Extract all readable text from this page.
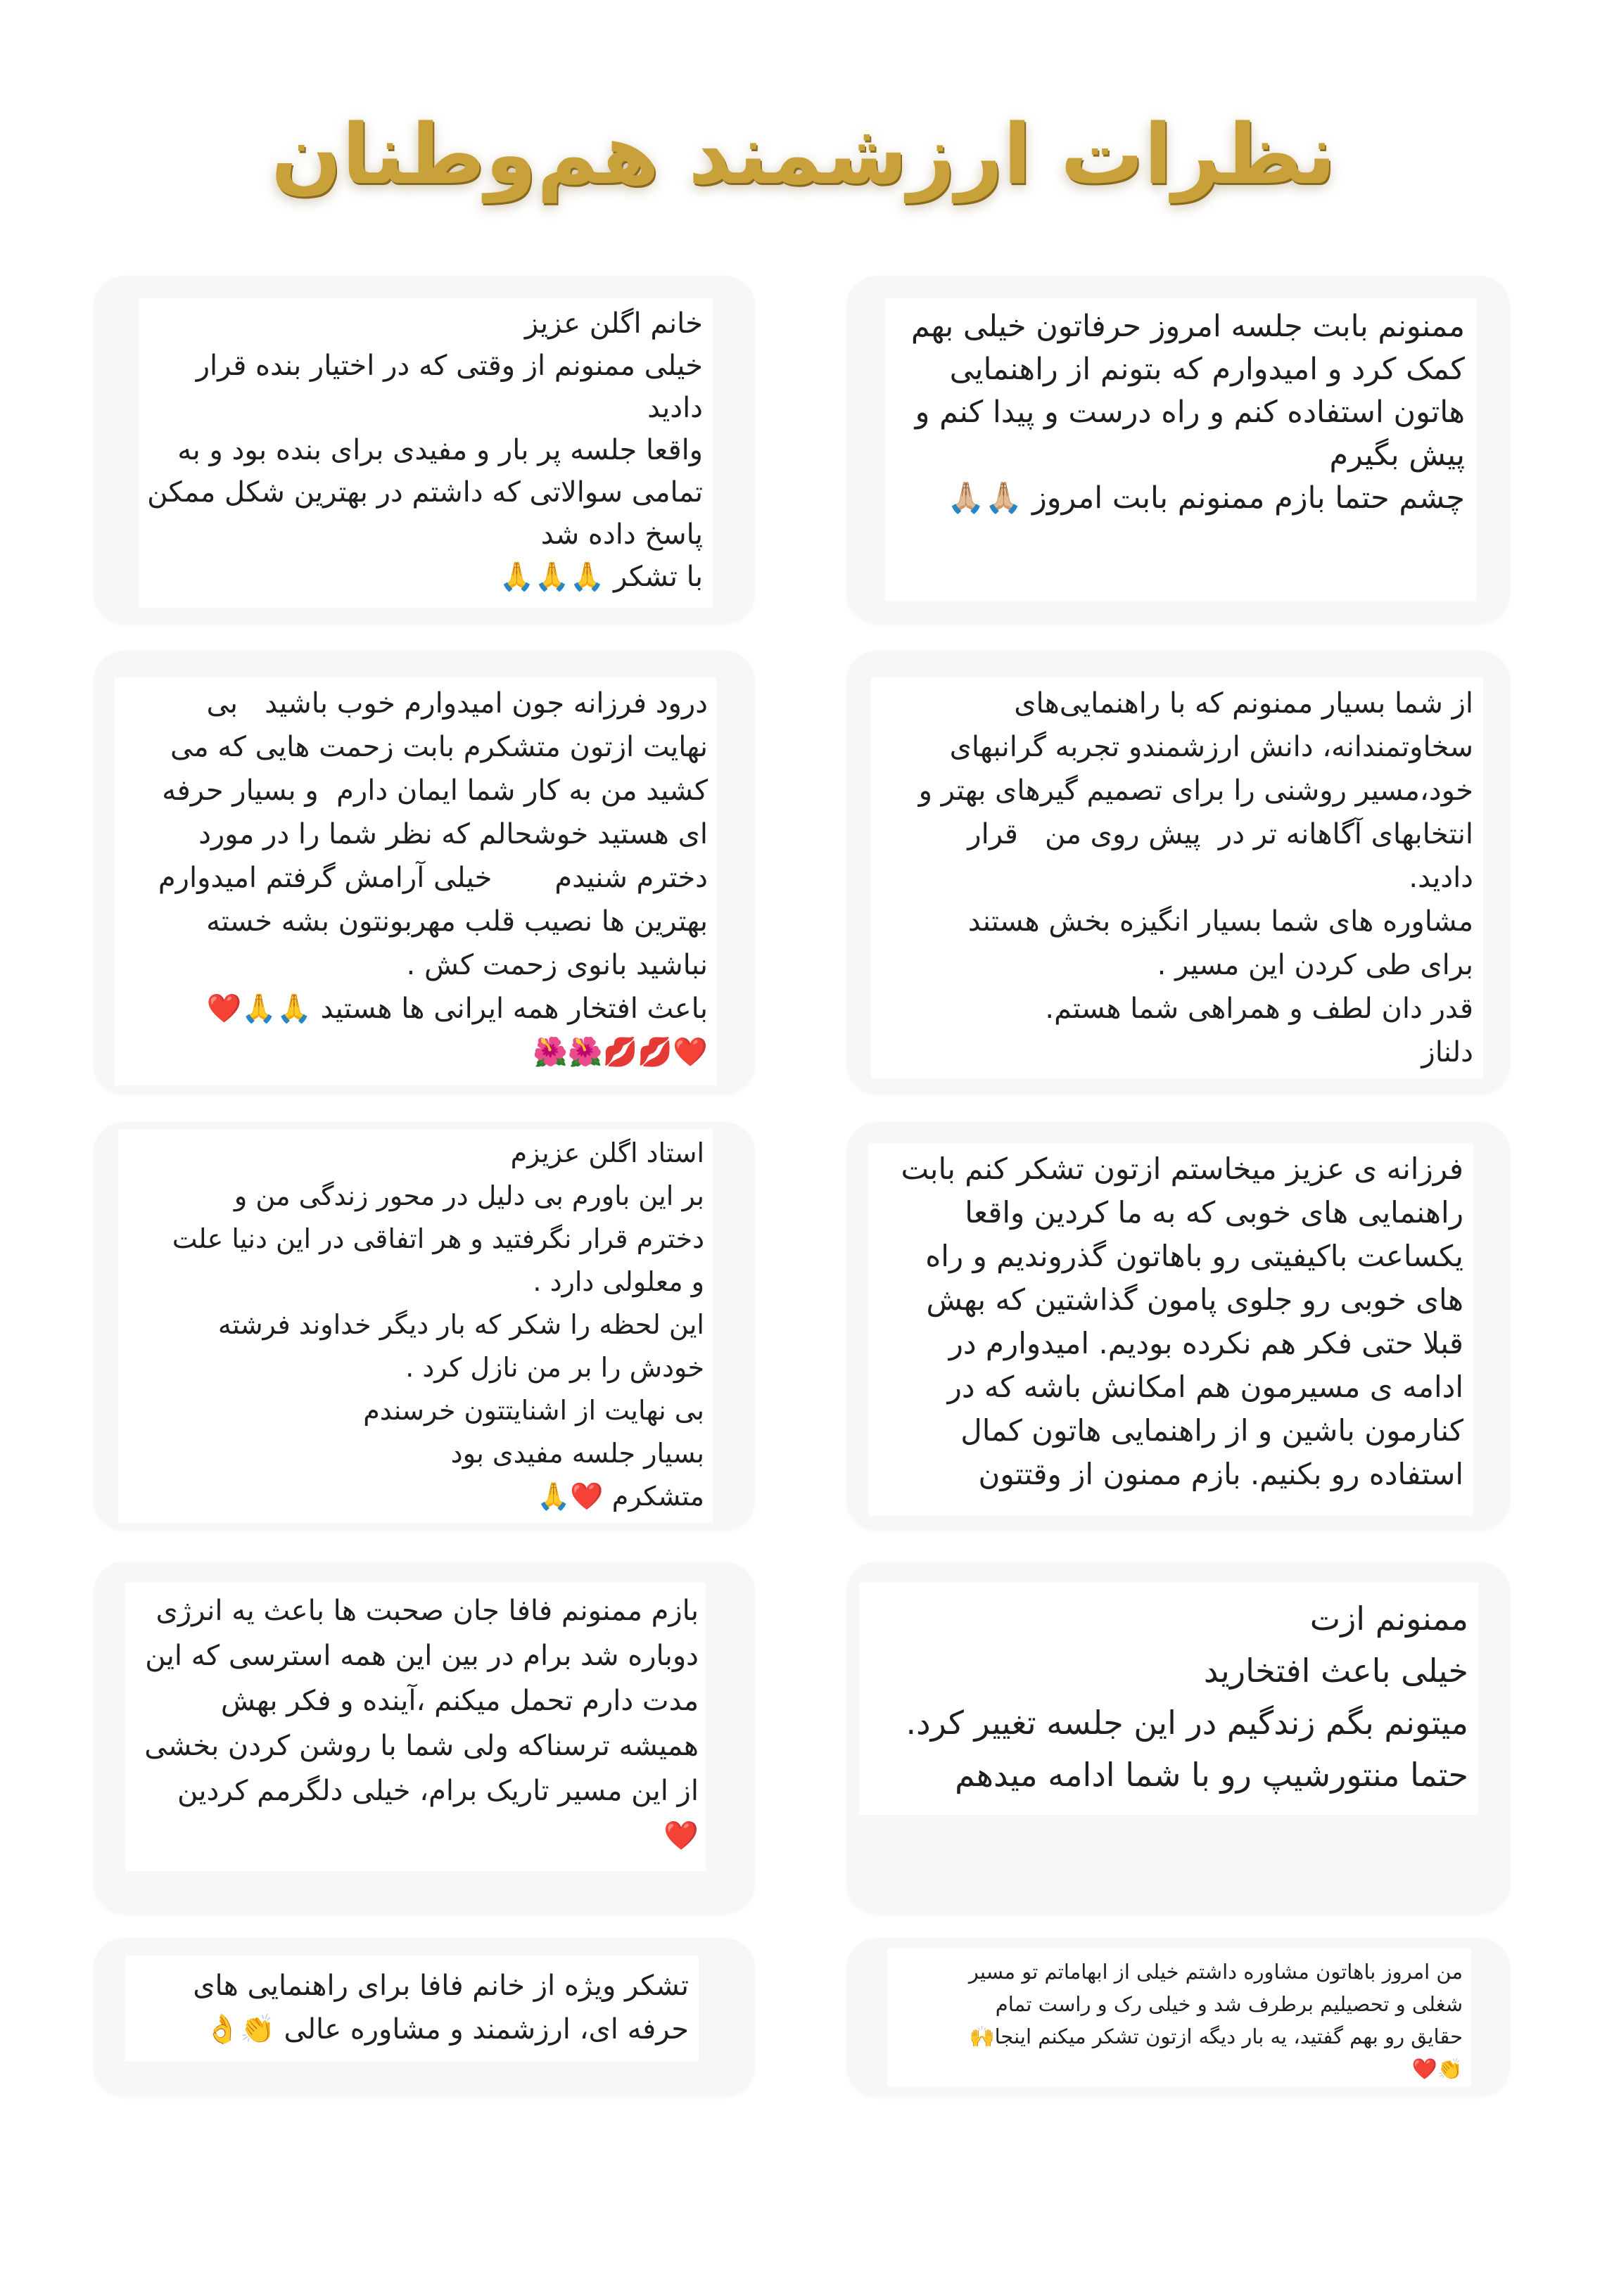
نظرات ارزشمند هم‌وطنان
ممنونم بابت جلسه امروز حرفاتون خیلی بهم
کمک کرد و امیدوارم که بتونم از راهنمایی
هاتون استفاده کنم و راه درست و پیدا کنم و
پیش بگیرم
چشم حتما بازم ممنونم بابت امروز 🙏🏼🙏🏼
خانم اگلن عزیز
خیلی ممنونم از وقتی که در اختیار بنده قرار
دادید
واقعا جلسه پر بار و مفیدی برای بنده بود و به
تمامی سوالاتی که داشتم در بهترین شکل ممکن
پاسخ داده شد
با تشکر 🙏🙏🙏
از شما بسیار ممنونم که با راهنمایی‌های
سخاوتمندانه، دانش ارزشمندو تجربه گرانبهای
خود،مسیر روشنی را برای تصمیم گیرهای بهتر و
انتخابهای آگاهانه تر در  پیش روی من   قرار
دادید.
مشاوره های شما بسیار انگیزه بخش هستند
برای طی کردن این مسیر .
قدر دان لطف و همراهی شما هستم.
دلناز
درود فرزانه جون امیدوارم خوب باشید   بی
نهایت ازتون متشکرم بابت زحمت هایی که می
کشید من به کار شما ایمان دارم  و بسیار حرفه
ای هستید خوشحالم که نظر شما را در مورد
دخترم شنیدم       خیلی آرامش گرفتم امیدوارم
بهترین ها نصیب قلب مهربونتون بشه خسته
نباشید بانوی زحمت کش .
باعث افتخار همه ایرانی ها هستید 🙏🙏❤️
❤️💋💋🌺🌺
فرزانه ی عزیز میخاستم ازتون تشکر کنم بابت
راهنمایی های خوبی که به ما کردین واقعا
یکساعت باکیفیتی رو باهاتون گذروندیم و راه
های خوبی رو جلوی پامون گذاشتین که بهش
قبلا حتی فکر هم نکرده بودیم. امیدوارم در
ادامه ی مسیرمون هم امکانش باشه که در
کنارمون باشین و از راهنمایی هاتون کمال
استفاده رو بکنیم. بازم ممنون از وقتتون
استاد اگلن عزیزم
بر این باورم بی دلیل در محور زندگی من و
دخترم قرار نگرفتید و هر اتفاقی در این دنیا علت
و معلولی دارد .
این لحظه را شکر که بار دیگر خداوند فرشته
خودش را بر من نازل کرد .
بی نهایت از اشنایتتون خرسندم
بسیار جلسه مفیدی بود
متشکرم ❤️🙏
ممنونم ازت
خیلی باعث افتخارید
میتونم بگم زندگیم در این جلسه تغییر کرد.
حتما منتورشیپ رو با شما ادامه میدهم
بازم ممنونم فافا جان صحبت ها باعث یه انرژی
دوباره شد برام در بین این همه استرسی که این
مدت دارم تحمل میکنم ،آینده و فکر بهش
همیشه ترسناکه ولی شما با روشن کردن بخشی
از این مسیر تاریک برام، خیلی دلگرمم کردین
❤️
من امروز باهاتون مشاوره داشتم خیلی از ابهاماتم تو مسیر
شغلی و تحصیلیم برطرف شد و خیلی رک و راست تمام
حقایق رو بهم گفتید، یه بار دیگه ازتون تشکر میکنم اینجا🙌
👏❤️
تشکر ویژه از خانم فافا برای راهنمایی های
حرفه ای، ارزشمند و مشاوره عالی 👏👌
